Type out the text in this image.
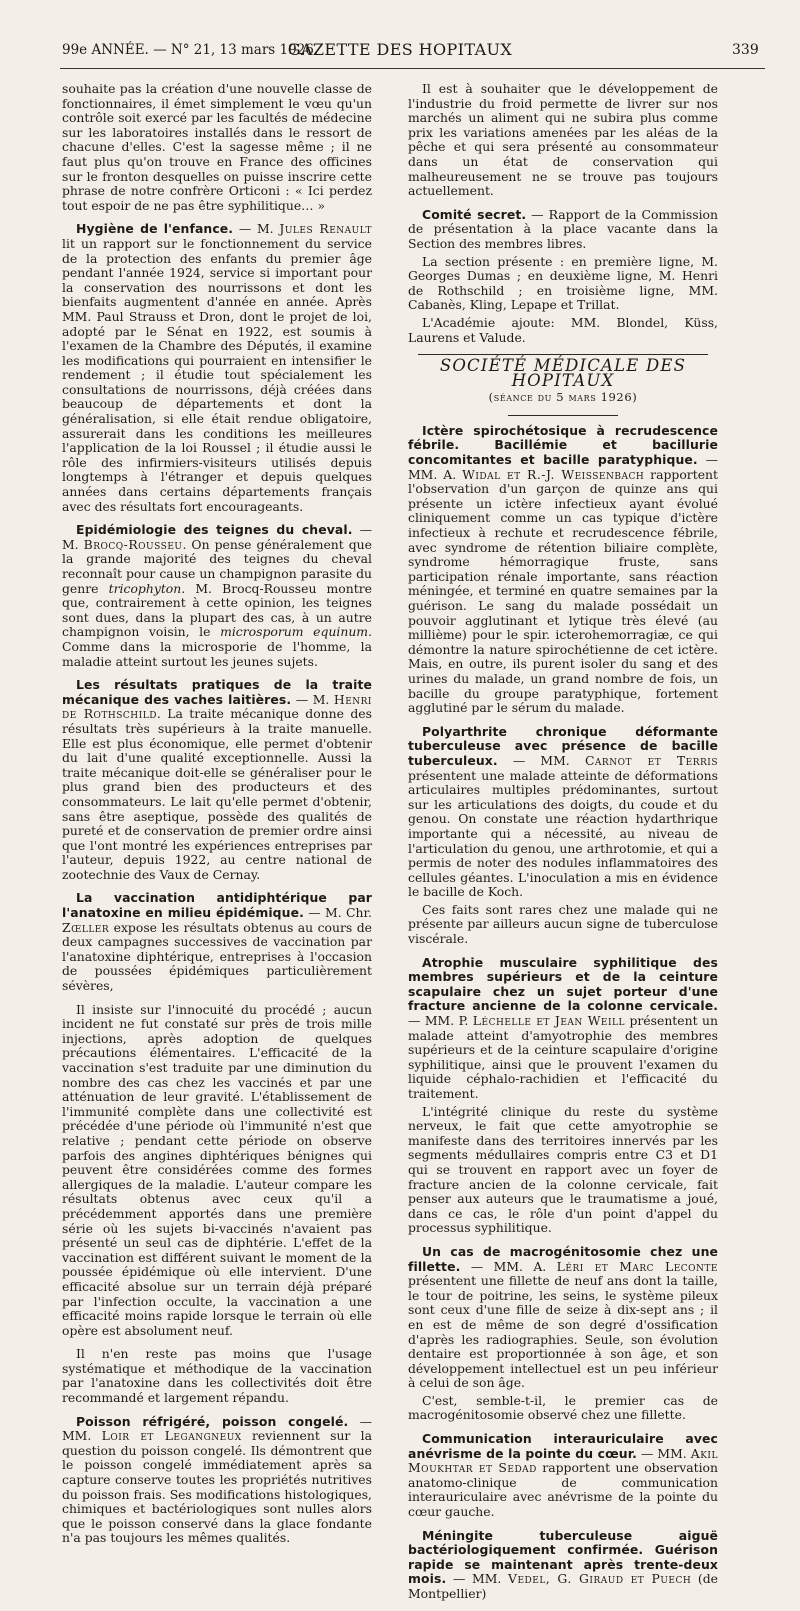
99e ANNÉE. — N° 21, 13 mars 1926.
GAZETTE DES HOPITAUX	339

souhaite pas la création d'une nouvelle classe de fonctionnaires, il émet simplement le vœu qu'un contrôle soit exercé par les facultés de médecine sur les laboratoires installés dans le ressort de chacune d'elles. C'est la sagesse même ; il ne faut plus qu'on trouve en France des officines sur le fronton desquelles on puisse inscrire cette phrase de notre confrère Orticoni : « Ici perdez tout espoir de ne pas être syphilitique… »

Hygiène de l'enfance. — M. Jules Renault lit un rapport sur le fonctionnement du service de la protection des enfants du premier âge pendant l'année 1924, service si important pour la conservation des nourrissons et dont les bienfaits augmentent d'année en année. Après MM. Paul Strauss et Dron, dont le projet de loi, adopté par le Sénat en 1922, est soumis à l'examen de la Chambre des Députés, il examine les modifications qui pourraient en intensifier le rendement ; il étudie tout spécialement les consultations de nourrissons, déjà créées dans beaucoup de départements et dont la généralisation, si elle était rendue obligatoire, assurerait dans les conditions les meilleures l'application de la loi Roussel ; il étudie aussi le rôle des infirmiers-visiteurs utilisés depuis longtemps à l'étranger et depuis quelques années dans certains départements français avec des résultats fort encourageants.

Epidémiologie des teignes du cheval. — M. Brocq-Rousseu. On pense généralement que la grande majorité des teignes du cheval reconnaît pour cause un champignon parasite du genre tricophyton. M. Brocq-Rousseu montre que, contrairement à cette opinion, les teignes sont dues, dans la plupart des cas, à un autre champignon voisin, le microsporum equinum. Comme dans la microsporie de l'homme, la maladie atteint surtout les jeunes sujets.

Les résultats pratiques de la traite mécanique des vaches laitières. — M. Henri de Rothschild. La traite mécanique donne des résultats très supérieurs à la traite manuelle. Elle est plus économique, elle permet d'obtenir du lait d'une qualité exceptionnelle. Aussi la traite mécanique doit-elle se généraliser pour le plus grand bien des producteurs et des consommateurs. Le lait qu'elle permet d'obtenir, sans être aseptique, possède des qualités de pureté et de conservation de premier ordre ainsi que l'ont montré les expériences entreprises par l'auteur, depuis 1922, au centre national de zootechnie des Vaux de Cernay.

La vaccination antidiphtérique par l'anatoxine en milieu épidémique. — M. Chr. Zœller expose les résultats obtenus au cours de deux campagnes successives de vaccination par l'anatoxine diphtérique, entreprises à l'occasion de poussées épidémiques particulièrement sévères,

Il insiste sur l'innocuité du procédé ; aucun incident ne fut constaté sur près de trois mille injections, après adoption de quelques précautions élémentaires. L'efficacité de la vaccination s'est traduite par une diminution du nombre des cas chez les vaccinés et par une atténuation de leur gravité. L'établissement de l'immunité complète dans une collectivité est précédée d'une période où l'immunité n'est que relative ; pendant cette période on observe parfois des angines diphtériques bénignes qui peuvent être considérées comme des formes allergiques de la maladie. L'auteur compare les résultats obtenus avec ceux qu'il a précédemment apportés dans une première série où les sujets bi-vaccinés n'avaient pas présenté un seul cas de diphtérie. L'effet de la vaccination est différent suivant le moment de la poussée épidémique où elle intervient. D'une efficacité absolue sur un terrain déjà préparé par l'infection occulte, la vaccination a une efficacité moins rapide lorsque le terrain où elle opère est absolument neuf.

Il n'en reste pas moins que l'usage systématique et méthodique de la vaccination par l'anatoxine dans les collectivités doit être recommandé et largement répandu.

Poisson réfrigéré, poisson congelé. — MM. Loir et Legangneux reviennent sur la question du poisson congelé. Ils démontrent que le poisson congelé immédiatement après sa capture conserve toutes les propriétés nutritives du poisson frais. Ses modifications histologiques, chimiques et bactériologiques sont nulles alors que le poisson conservé dans la glace fondante n'a pas toujours les mêmes qualités.

Il est à souhaiter que le développement de l'industrie du froid permette de livrer sur nos marchés un aliment qui ne subira plus comme prix les variations amenées par les aléas de la pêche et qui sera présenté au consommateur dans un état de conservation qui malheureusement ne se trouve pas toujours actuellement.

Comité secret. — Rapport de la Commission de présentation à la place vacante dans la Section des membres libres.

La section présente : en première ligne, M. Georges Dumas ; en deuxième ligne, M. Henri de Rothschild ; en troisième ligne, MM. Cabanès, Kling, Lepape et Trillat.

L'Académie ajoute: MM. Blondel, Küss, Laurens et Valude.

SOCIÉTÉ MÉDICALE DES HOPITAUX
(séance du 5 mars 1926)

Ictère spirochétosique à recrudescence fébrile. Bacillémie et bacillurie concomitantes et bacille paratyphique. — MM. A. Widal et R.-J. Weissenbach rapportent l'observation d'un garçon de quinze ans qui présente un ictère infectieux ayant évolué cliniquement comme un cas typique d'ictère infectieux à rechute et recrudescence fébrile, avec syndrome de rétention biliaire complète, syndrome hémorragique fruste, sans participation rénale importante, sans réaction méningée, et terminé en quatre semaines par la guérison. Le sang du malade possédait un pouvoir agglutinant et lytique très élevé (au millième) pour le spir. icterohemorragiæ, ce qui démontre la nature spirochétienne de cet ictère. Mais, en outre, ils purent isoler du sang et des urines du malade, un grand nombre de fois, un bacille du groupe paratyphique, fortement agglutiné par le sérum du malade.

Polyarthrite chronique déformante tuberculeuse avec présence de bacille tuberculeux. — MM. Carnot et Terris présentent une malade atteinte de déformations articulaires multiples prédominantes, surtout sur les articulations des doigts, du coude et du genou. On constate une réaction hydarthrique importante qui a nécessité, au niveau de l'articulation du genou, une arthrotomie, et qui a permis de noter des nodules inflammatoires des cellules géantes. L'inoculation a mis en évidence le bacille de Koch.

Ces faits sont rares chez une malade qui ne présente par ailleurs aucun signe de tuberculose viscérale.

Atrophie musculaire syphilitique des membres supérieurs et de la ceinture scapulaire chez un sujet porteur d'une fracture ancienne de la colonne cervicale. — MM. P. Léchelle et Jean Weill présentent un malade atteint d'amyotrophie des membres supérieurs et de la ceinture scapulaire d'origine syphilitique, ainsi que le prouvent l'examen du liquide céphalo-rachidien et l'efficacité du traitement.

L'intégrité clinique du reste du système nerveux, le fait que cette amyotrophie se manifeste dans des territoires innervés par les segments médullaires compris entre C3 et D1 qui se trouvent en rapport avec un foyer de fracture ancien de la colonne cervicale, fait penser aux auteurs que le traumatisme a joué, dans ce cas, le rôle d'un point d'appel du processus syphilitique.

Un cas de macrogénitosomie chez une fillette. — MM. A. Léri et Marc Leconte présentent une fillette de neuf ans dont la taille, le tour de poitrine, les seins, le système pileux sont ceux d'une fille de seize à dix-sept ans ; il en est de même de son degré d'ossification d'après les radiographies. Seule, son évolution dentaire est proportionnée à son âge, et son développement intellectuel est un peu inférieur à celui de son âge.

C'est, semble-t-il, le premier cas de macrogénitosomie observé chez une fillette.

Communication interauriculaire avec anévrisme de la pointe du cœur. — MM. Akil Moukhtar et Sedad rapportent une observation anatomo-clinique de communication interauriculaire avec anévrisme de la pointe du cœur gauche.

Méningite tuberculeuse aiguë bactériologiquement confirmée. Guérison rapide se maintenant après trente-deux mois. — MM. Vedel, G. Giraud et Puech (de Montpellier)
